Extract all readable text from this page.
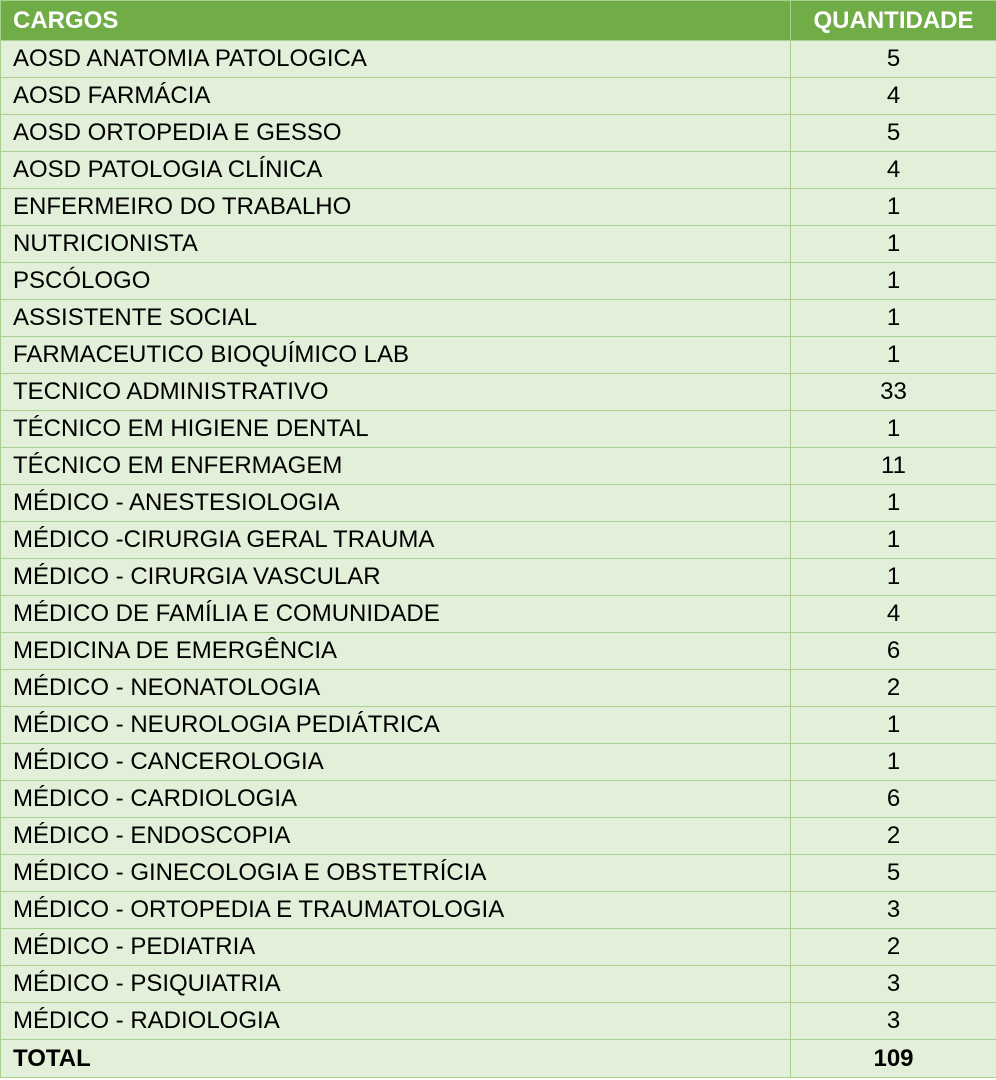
CARGOS	QUANTIDADE
AOSD ANATOMIA PATOLOGICA	5
AOSD FARMÁCIA	4
AOSD ORTOPEDIA E GESSO	5
AOSD PATOLOGIA CLÍNICA	4
ENFERMEIRO DO TRABALHO	1
NUTRICIONISTA	1
PSCÓLOGO	1
ASSISTENTE SOCIAL	1
FARMACEUTICO BIOQUÍMICO LAB	1
TECNICO ADMINISTRATIVO	33
TÉCNICO EM HIGIENE DENTAL	1
TÉCNICO EM ENFERMAGEM	11
MÉDICO - ANESTESIOLOGIA	1
MÉDICO -CIRURGIA GERAL TRAUMA	1
MÉDICO - CIRURGIA VASCULAR	1
MÉDICO DE FAMÍLIA E COMUNIDADE	4
MEDICINA DE EMERGÊNCIA	6
MÉDICO - NEONATOLOGIA	2
MÉDICO - NEUROLOGIA PEDIÁTRICA	1
MÉDICO - CANCEROLOGIA	1
MÉDICO - CARDIOLOGIA	6
MÉDICO - ENDOSCOPIA	2
MÉDICO - GINECOLOGIA E OBSTETRÍCIA	5
MÉDICO - ORTOPEDIA E TRAUMATOLOGIA	3
MÉDICO - PEDIATRIA	2
MÉDICO - PSIQUIATRIA	3
MÉDICO - RADIOLOGIA	3
TOTAL	109
